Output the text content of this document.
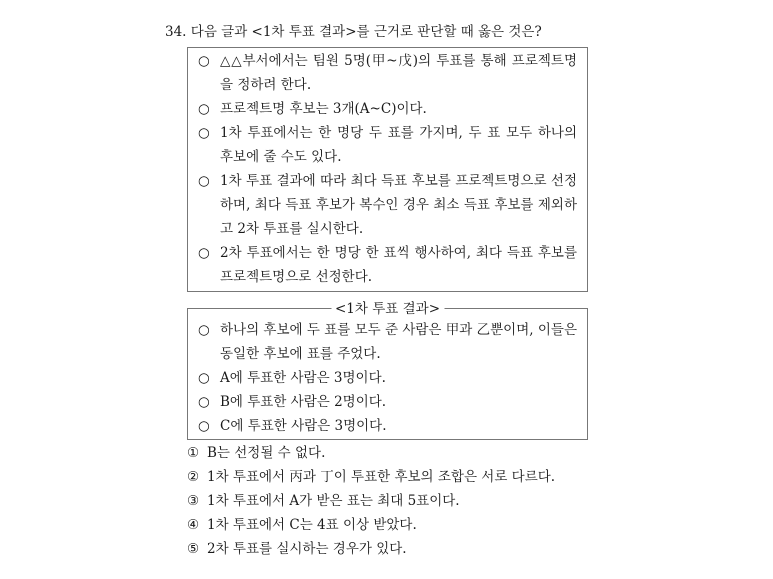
34. 다음 글과 <1차 투표 결과>를 근거로 판단할 때 옳은 것은?
○ △△부서에서는 팀원 5명(甲~戊)의 투표를 통해 프로젝트명을 정하려 한다.
○ 프로젝트명 후보는 3개(A~C)이다.
○ 1차 투표에서는 한 명당 두 표를 가지며, 두 표 모두 하나의 후보에 줄 수도 있다.
○ 1차 투표 결과에 따라 최다 득표 후보를 프로젝트명으로 선정하며, 최다 득표 후보가 복수인 경우 최소 득표 후보를 제외하고 2차 투표를 실시한다.
○ 2차 투표에서는 한 명당 한 표씩 행사하여, 최다 득표 후보를 프로젝트명으로 선정한다.
<1차 투표 결과>
○ 하나의 후보에 두 표를 모두 준 사람은 甲과 乙뿐이며, 이들은 동일한 후보에 표를 주었다.
○ A에 투표한 사람은 3명이다.
○ B에 투표한 사람은 2명이다.
○ C에 투표한 사람은 3명이다.
① B는 선정될 수 없다.
② 1차 투표에서 丙과 丁이 투표한 후보의 조합은 서로 다르다.
③ 1차 투표에서 A가 받은 표는 최대 5표이다.
④ 1차 투표에서 C는 4표 이상 받았다.
⑤ 2차 투표를 실시하는 경우가 있다.
